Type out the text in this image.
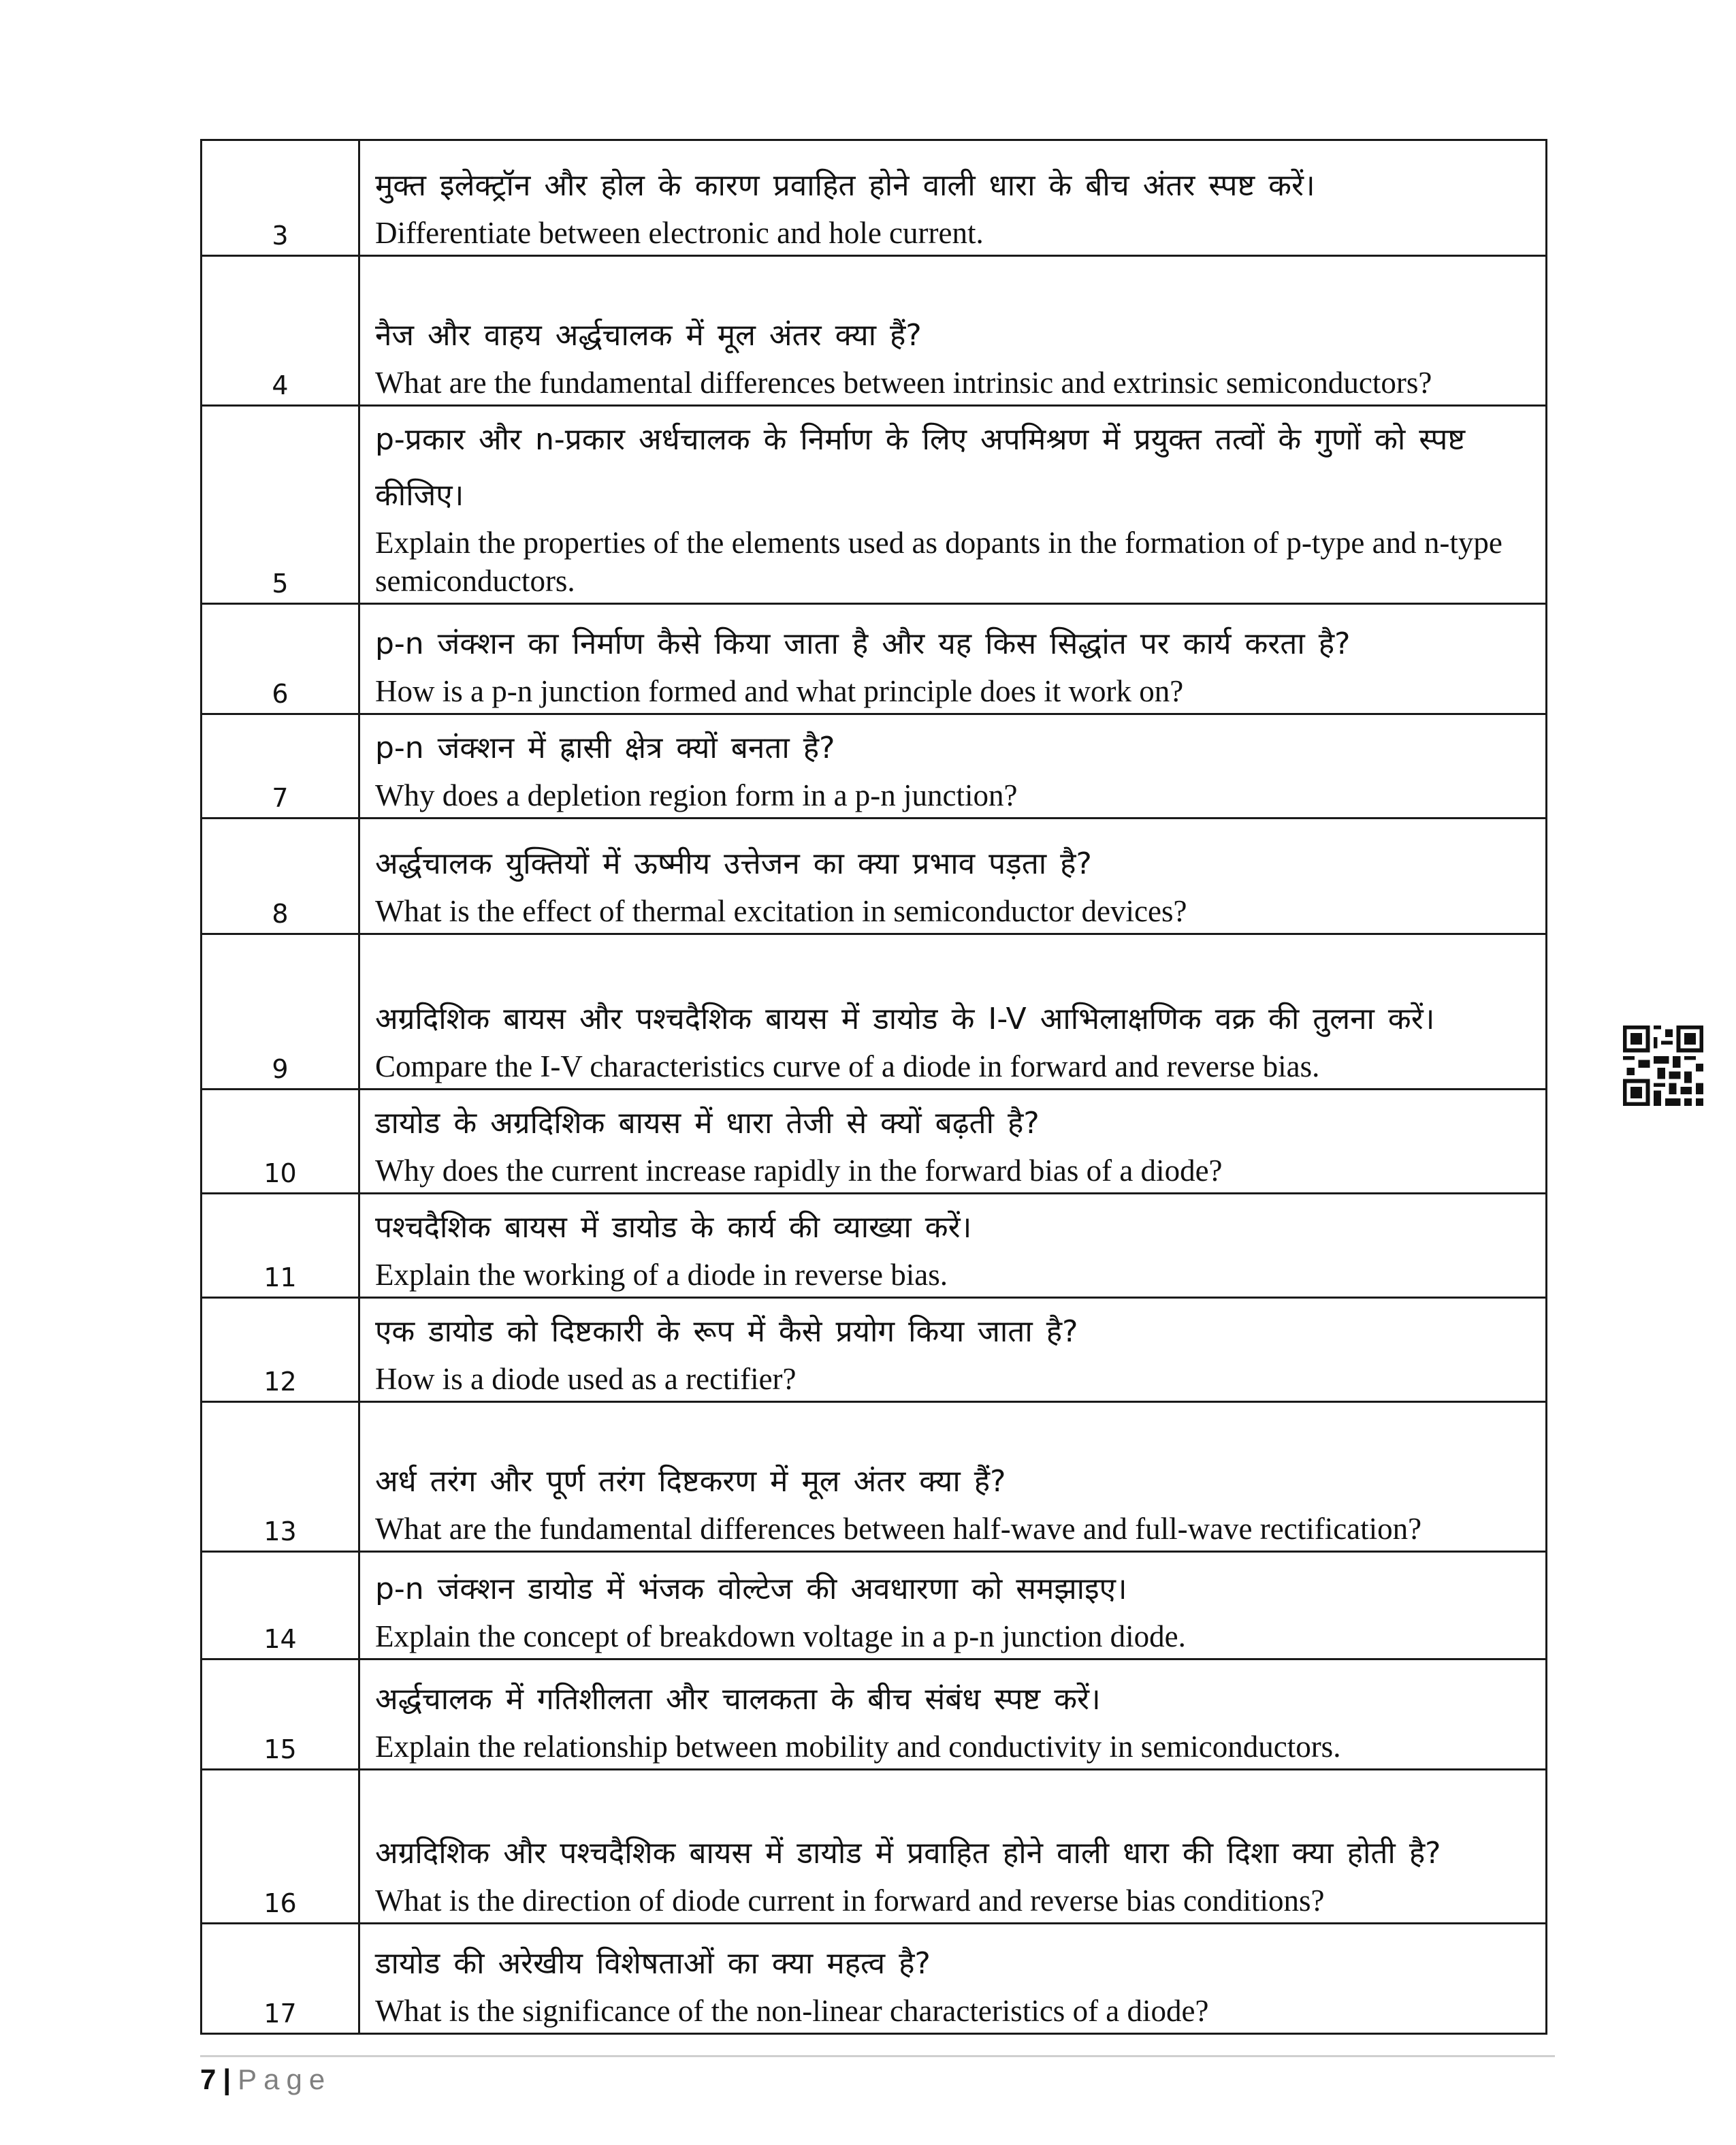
3	मुक्त इलेक्ट्रॉन और होल के कारण प्रवाहित होने वाली धारा के बीच अंतर स्पष्ट करें।
Differentiate between electronic and hole current.

4	नैज और वाहय अर्द्धचालक में मूल अंतर क्या हैं?
What are the fundamental differences between intrinsic and extrinsic semiconductors?

5	p-प्रकार और n-प्रकार अर्धचालक के निर्माण के लिए अपमिश्रण में प्रयुक्त तत्वों के गुणों को स्पष्ट कीजिए।
Explain the properties of the elements used as dopants in the formation of p-type and n-type semiconductors.

6	p-n जंक्शन का निर्माण कैसे किया जाता है और यह किस सिद्धांत पर कार्य करता है?
How is a p-n junction formed and what principle does it work on?

7	p-n जंक्शन में ह्रासी क्षेत्र क्यों बनता है?
Why does a depletion region form in a p-n junction?

8	अर्द्धचालक युक्तियों में ऊष्मीय उत्तेजन का क्या प्रभाव पड़ता है?
What is the effect of thermal excitation in semiconductor devices?

9	अग्रदिशिक बायस और पश्चदैशिक बायस में डायोड के I-V आभिलाक्षणिक वक्र की तुलना करें।
Compare the I-V characteristics curve of a diode in forward and reverse bias.

10	डायोड के अग्रदिशिक बायस में धारा तेजी से क्यों बढ़ती है?
Why does the current increase rapidly in the forward bias of a diode?

11	पश्चदैशिक बायस में डायोड के कार्य की व्याख्या करें।
Explain the working of a diode in reverse bias.

12	एक डायोड को दिष्टकारी के रूप में कैसे प्रयोग किया जाता है?
How is a diode used as a rectifier?

13	अर्ध तरंग और पूर्ण तरंग दिष्टकरण में मूल अंतर क्या हैं?
What are the fundamental differences between half-wave and full-wave rectification?

14	p-n जंक्शन डायोड में भंजक वोल्टेज की अवधारणा को समझाइए।
Explain the concept of breakdown voltage in a p-n junction diode.

15	अर्द्धचालक में गतिशीलता और चालकता के बीच संबंध स्पष्ट करें।
Explain the relationship between mobility and conductivity in semiconductors.

16	अग्रदिशिक और पश्चदैशिक बायस में डायोड में प्रवाहित होने वाली धारा की दिशा क्या होती है?
What is the direction of diode current in forward and reverse bias conditions?

17	डायोड की अरेखीय विशेषताओं का क्या महत्व है?
What is the significance of the non-linear characteristics of a diode?
7 | Page
